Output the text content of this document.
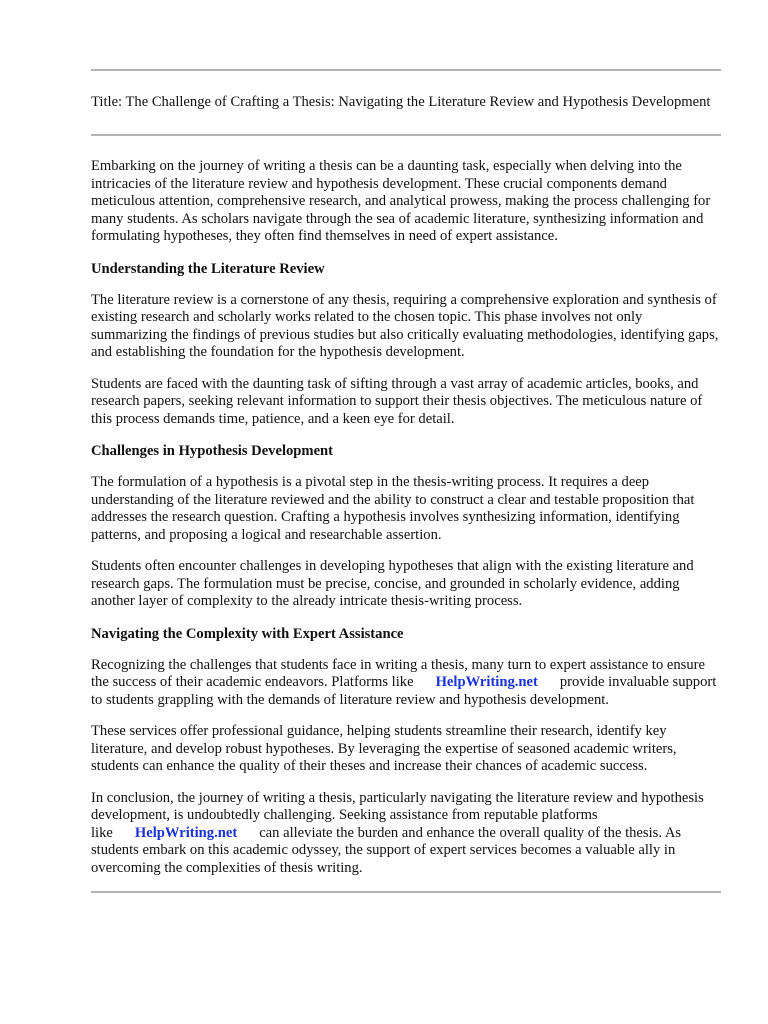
Title: The Challenge of Crafting a Thesis: Navigating the Literature Review and Hypothesis Development

Embarking on the journey of writing a thesis can be a daunting task, especially when delving into the intricacies of the literature review and hypothesis development. These crucial components demand meticulous attention, comprehensive research, and analytical prowess, making the process challenging for many students. As scholars navigate through the sea of academic literature, synthesizing information and formulating hypotheses, they often find themselves in need of expert assistance.

Understanding the Literature Review

The literature review is a cornerstone of any thesis, requiring a comprehensive exploration and synthesis of existing research and scholarly works related to the chosen topic. This phase involves not only summarizing the findings of previous studies but also critically evaluating methodologies, identifying gaps, and establishing the foundation for the hypothesis development.

Students are faced with the daunting task of sifting through a vast array of academic articles, books, and research papers, seeking relevant information to support their thesis objectives. The meticulous nature of this process demands time, patience, and a keen eye for detail.

Challenges in Hypothesis Development

The formulation of a hypothesis is a pivotal step in the thesis-writing process. It requires a deep understanding of the literature reviewed and the ability to construct a clear and testable proposition that addresses the research question. Crafting a hypothesis involves synthesizing information, identifying patterns, and proposing a logical and researchable assertion.

Students often encounter challenges in developing hypotheses that align with the existing literature and research gaps. The formulation must be precise, concise, and grounded in scholarly evidence, adding another layer of complexity to the already intricate thesis-writing process.

Navigating the Complexity with Expert Assistance

Recognizing the challenges that students face in writing a thesis, many turn to expert assistance to ensure the success of their academic endeavors. Platforms like HelpWriting.net provide invaluable support to students grappling with the demands of literature review and hypothesis development.

These services offer professional guidance, helping students streamline their research, identify key literature, and develop robust hypotheses. By leveraging the expertise of seasoned academic writers, students can enhance the quality of their theses and increase their chances of academic success.

In conclusion, the journey of writing a thesis, particularly navigating the literature review and hypothesis development, is undoubtedly challenging. Seeking assistance from reputable platforms like HelpWriting.net can alleviate the burden and enhance the overall quality of the thesis. As students embark on this academic odyssey, the support of expert services becomes a valuable ally in overcoming the complexities of thesis writing.
